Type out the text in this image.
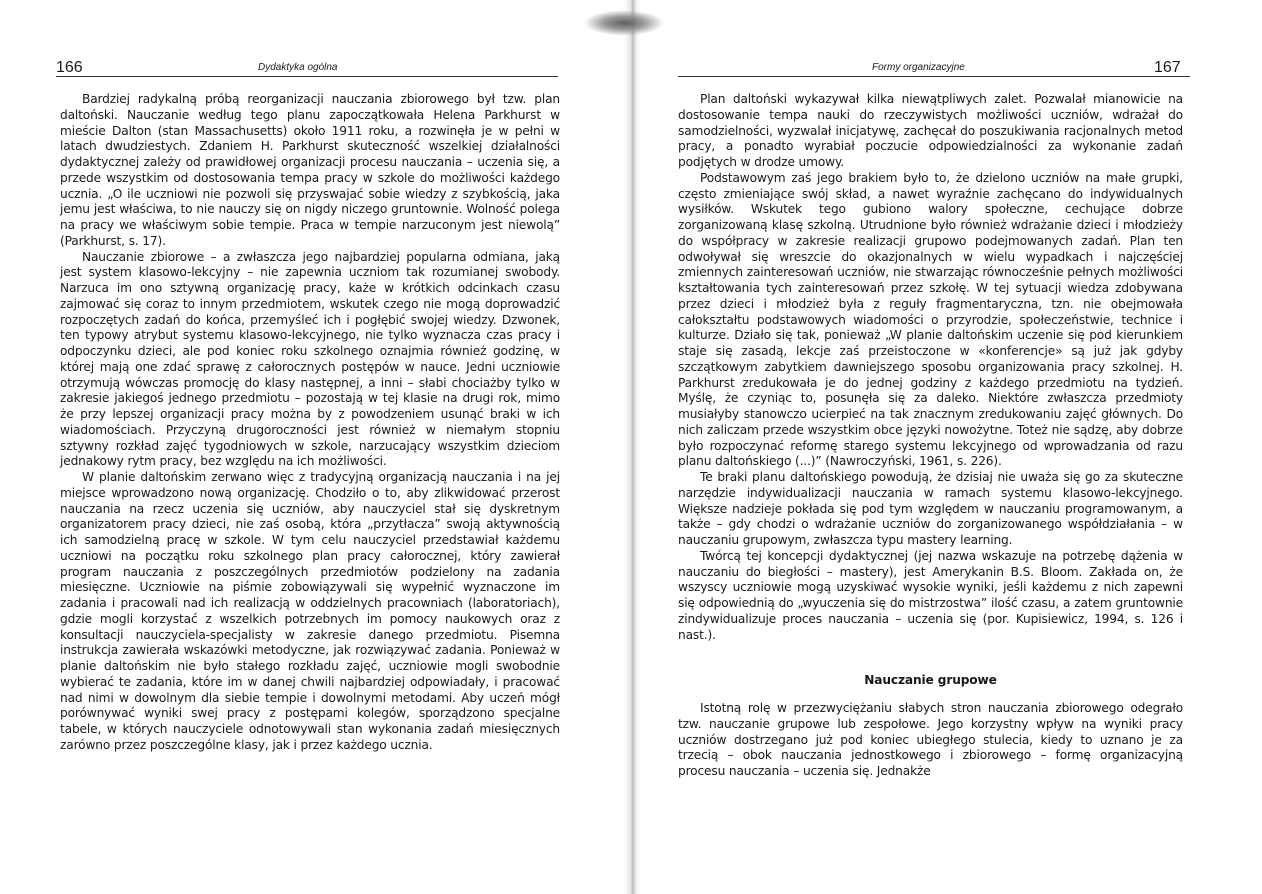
166	Dydaktyka ogólna

Bardziej radykalną próbą reorganizacji nauczania zbiorowego był tzw. plan daltoński. Nauczanie według tego planu zapoczątkowała Helena Parkhurst w mieście Dalton (stan Massachusetts) około 1911 roku, a rozwinęła je w pełni w latach dwudziestych. Zdaniem H. Parkhurst skuteczność wszelkiej działalności dydaktycznej zależy od prawidłowej organizacji procesu nauczania – uczenia się, a przede wszystkim od dostosowania tempa pracy w szkole do możliwości każdego ucznia. „O ile uczniowi nie pozwoli się przyswajać sobie wiedzy z szybkością, jaka jemu jest właściwa, to nie nauczy się on nigdy niczego gruntownie. Wolność polega na pracy we właściwym sobie tempie. Praca w tempie narzuconym jest niewolą” (Parkhurst, s. 17).

Nauczanie zbiorowe – a zwłaszcza jego najbardziej popularna odmiana, jaką jest system klasowo-lekcyjny – nie zapewnia uczniom tak rozumianej swobody. Narzuca im ono sztywną organizację pracy, każe w krótkich odcinkach czasu zajmować się coraz to innym przedmiotem, wskutek czego nie mogą doprowadzić rozpoczętych zadań do końca, przemyśleć ich i pogłębić swojej wiedzy. Dzwonek, ten typowy atrybut systemu klasowo-lekcyjnego, nie tylko wyznacza czas pracy i odpoczynku dzieci, ale pod koniec roku szkolnego oznajmia również godzinę, w której mają one zdać sprawę z całorocznych postępów w nauce. Jedni uczniowie otrzymują wówczas promocję do klasy następnej, a inni – słabi chociażby tylko w zakresie jakiegoś jednego przedmiotu – pozostają w tej klasie na drugi rok, mimo że przy lepszej organizacji pracy można by z powodzeniem usunąć braki w ich wiadomościach. Przyczyną drugoroczności jest również w niemałym stopniu sztywny rozkład zajęć tygodniowych w szkole, narzucający wszystkim dzieciom jednakowy rytm pracy, bez względu na ich możliwości.

W planie daltońskim zerwano więc z tradycyjną organizacją nauczania i na jej miejsce wprowadzono nową organizację. Chodziło o to, aby zlikwidować przerost nauczania na rzecz uczenia się uczniów, aby nauczyciel stał się dyskretnym organizatorem pracy dzieci, nie zaś osobą, która „przytłacza” swoją aktywnością ich samodzielną pracę w szkole. W tym celu nauczyciel przedstawiał każdemu uczniowi na początku roku szkolnego plan pracy całorocznej, który zawierał program nauczania z poszczególnych przedmiotów podzielony na zadania miesięczne. Uczniowie na piśmie zobowiązywali się wypełnić wyznaczone im zadania i pracowali nad ich realizacją w oddzielnych pracowniach (laboratoriach), gdzie mogli korzystać z wszelkich potrzebnych im pomocy naukowych oraz z konsultacji nauczyciela-specjalisty w zakresie danego przedmiotu. Pisemna instrukcja zawierała wskazówki metodyczne, jak rozwiązywać zadania. Ponieważ w planie daltońskim nie było stałego rozkładu zajęć, uczniowie mogli swobodnie wybierać te zadania, które im w danej chwili najbardziej odpowiadały, i pracować nad nimi w dowolnym dla siebie tempie i dowolnymi metodami. Aby uczeń mógł porównywać wyniki swej pracy z postępami kolegów, sporządzono specjalne tabele, w których nauczyciele odnotowywali stan wykonania zadań miesięcznych zarówno przez poszczególne klasy, jak i przez każdego ucznia.

Formy organizacyjne	167

Plan daltoński wykazywał kilka niewątpliwych zalet. Pozwalał mianowicie na dostosowanie tempa nauki do rzeczywistych możliwości uczniów, wdrażał do samodzielności, wyzwalał inicjatywę, zachęcał do poszukiwania racjonalnych metod pracy, a ponadto wyrabiał poczucie odpowiedzialności za wykonanie zadań podjętych w drodze umowy.

Podstawowym zaś jego brakiem było to, że dzielono uczniów na małe grupki, często zmieniające swój skład, a nawet wyraźnie zachęcano do indywidualnych wysiłków. Wskutek tego gubiono walory społeczne, cechujące dobrze zorganizowaną klasę szkolną. Utrudnione było również wdrażanie dzieci i młodzieży do współpracy w zakresie realizacji grupowo podejmowanych zadań. Plan ten odwoływał się wreszcie do okazjonalnych w wielu wypadkach i najczęściej zmiennych zainteresowań uczniów, nie stwarzając równocześnie pełnych możliwości kształtowania tych zainteresowań przez szkołę. W tej sytuacji wiedza zdobywana przez dzieci i młodzież była z reguły fragmentaryczna, tzn. nie obejmowała całokształtu podstawowych wiadomości o przyrodzie, społeczeństwie, technice i kulturze. Działo się tak, ponieważ „W planie daltońskim uczenie się pod kierunkiem staje się zasadą, lekcje zaś przeistoczone w «konferencje» są już jak gdyby szczątkowym zabytkiem dawniejszego sposobu organizowania pracy szkolnej. H. Parkhurst zredukowała je do jednej godziny z każdego przedmiotu na tydzień. Myślę, że czyniąc to, posunęła się za daleko. Niektóre zwłaszcza przedmioty musiałyby stanowczo ucierpieć na tak znacznym zredukowaniu zajęć głównych. Do nich zaliczam przede wszystkim obce języki nowożytne. Toteż nie sądzę, aby dobrze było rozpoczynać reformę starego systemu lekcyjnego od wprowadzania od razu planu daltońskiego (...)” (Nawroczyński, 1961, s. 226).

Te braki planu daltońskiego powodują, że dzisiaj nie uważa się go za skuteczne narzędzie indywidualizacji nauczania w ramach systemu klasowo-lekcyjnego. Większe nadzieje pokłada się pod tym względem w nauczaniu programowanym, a także – gdy chodzi o wdrażanie uczniów do zorganizowanego współdziałania – w nauczaniu grupowym, zwłaszcza typu mastery learning.

Twórcą tej koncepcji dydaktycznej (jej nazwa wskazuje na potrzebę dążenia w nauczaniu do biegłości – mastery), jest Amerykanin B.S. Bloom. Zakłada on, że wszyscy uczniowie mogą uzyskiwać wysokie wyniki, jeśli każdemu z nich zapewni się odpowiednią do „wyuczenia się do mistrzostwa” ilość czasu, a zatem gruntownie zindywidualizuje proces nauczania – uczenia się (por. Kupisiewicz, 1994, s. 126 i nast.).

Nauczanie grupowe

Istotną rolę w przezwyciężaniu słabych stron nauczania zbiorowego odegrało tzw. nauczanie grupowe lub zespołowe. Jego korzystny wpływ na wyniki pracy uczniów dostrzegano już pod koniec ubiegłego stulecia, kiedy to uznano je za trzecią – obok nauczania jednostkowego i zbiorowego – formę organizacyjną procesu nauczania – uczenia się. Jednakże
